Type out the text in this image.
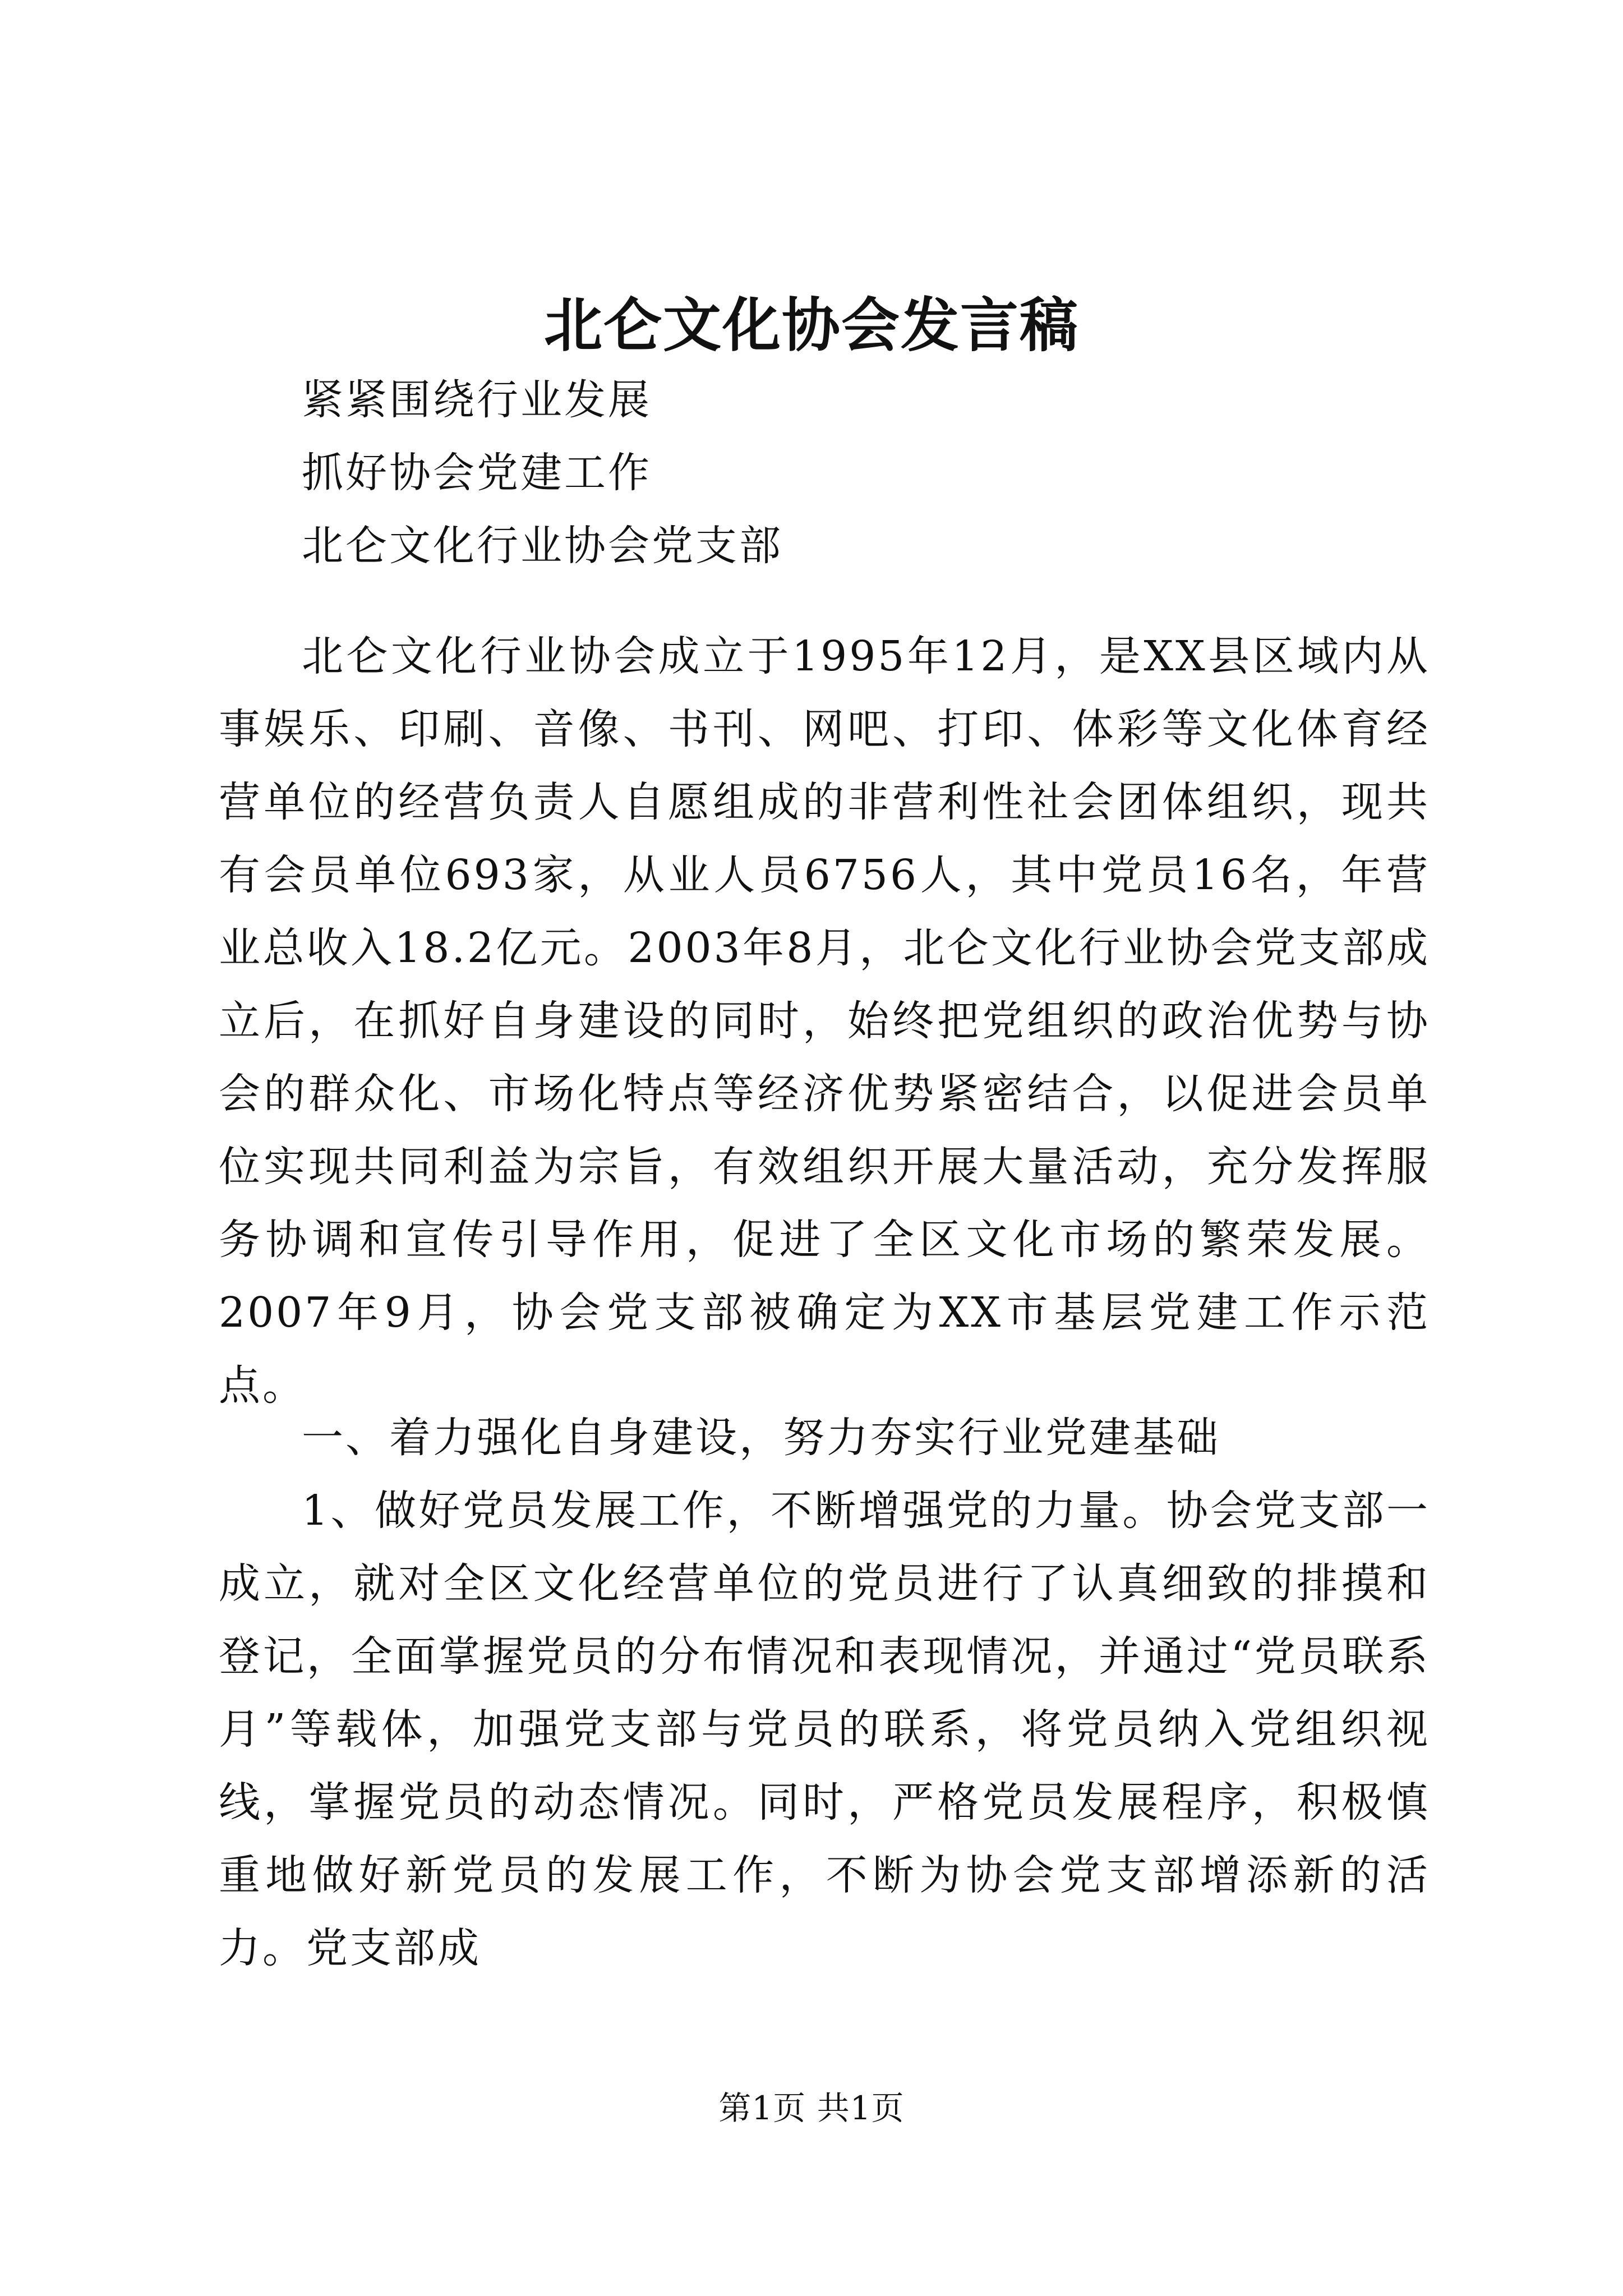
北仑文化协会发言稿

紧紧围绕行业发展

抓好协会党建工作

北仑文化行业协会党支部

北仑文化行业协会成立于1995年12月，是XX县区域内从事娱乐、印刷、音像、书刊、网吧、打印、体彩等文化体育经营单位的经营负责人自愿组成的非营利性社会团体组织，现共有会员单位693家，从业人员6756人，其中党员16名，年营业总收入18.2亿元。2003年8月，北仑文化行业协会党支部成立后，在抓好自身建设的同时，始终把党组织的政治优势与协会的群众化、市场化特点等经济优势紧密结合，以促进会员单位实现共同利益为宗旨，有效组织开展大量活动，充分发挥服务协调和宣传引导作用，促进了全区文化市场的繁荣发展。2007年9月，协会党支部被确定为XX市基层党建工作示范点。

一、着力强化自身建设，努力夯实行业党建基础

1、做好党员发展工作，不断增强党的力量。协会党支部一成立，就对全区文化经营单位的党员进行了认真细致的排摸和登记，全面掌握党员的分布情况和表现情况，并通过“党员联系月”等载体，加强党支部与党员的联系，将党员纳入党组织视线，掌握党员的动态情况。同时，严格党员发展程序，积极慎重地做好新党员的发展工作，不断为协会党支部增添新的活力。党支部成

第1页 共1页
